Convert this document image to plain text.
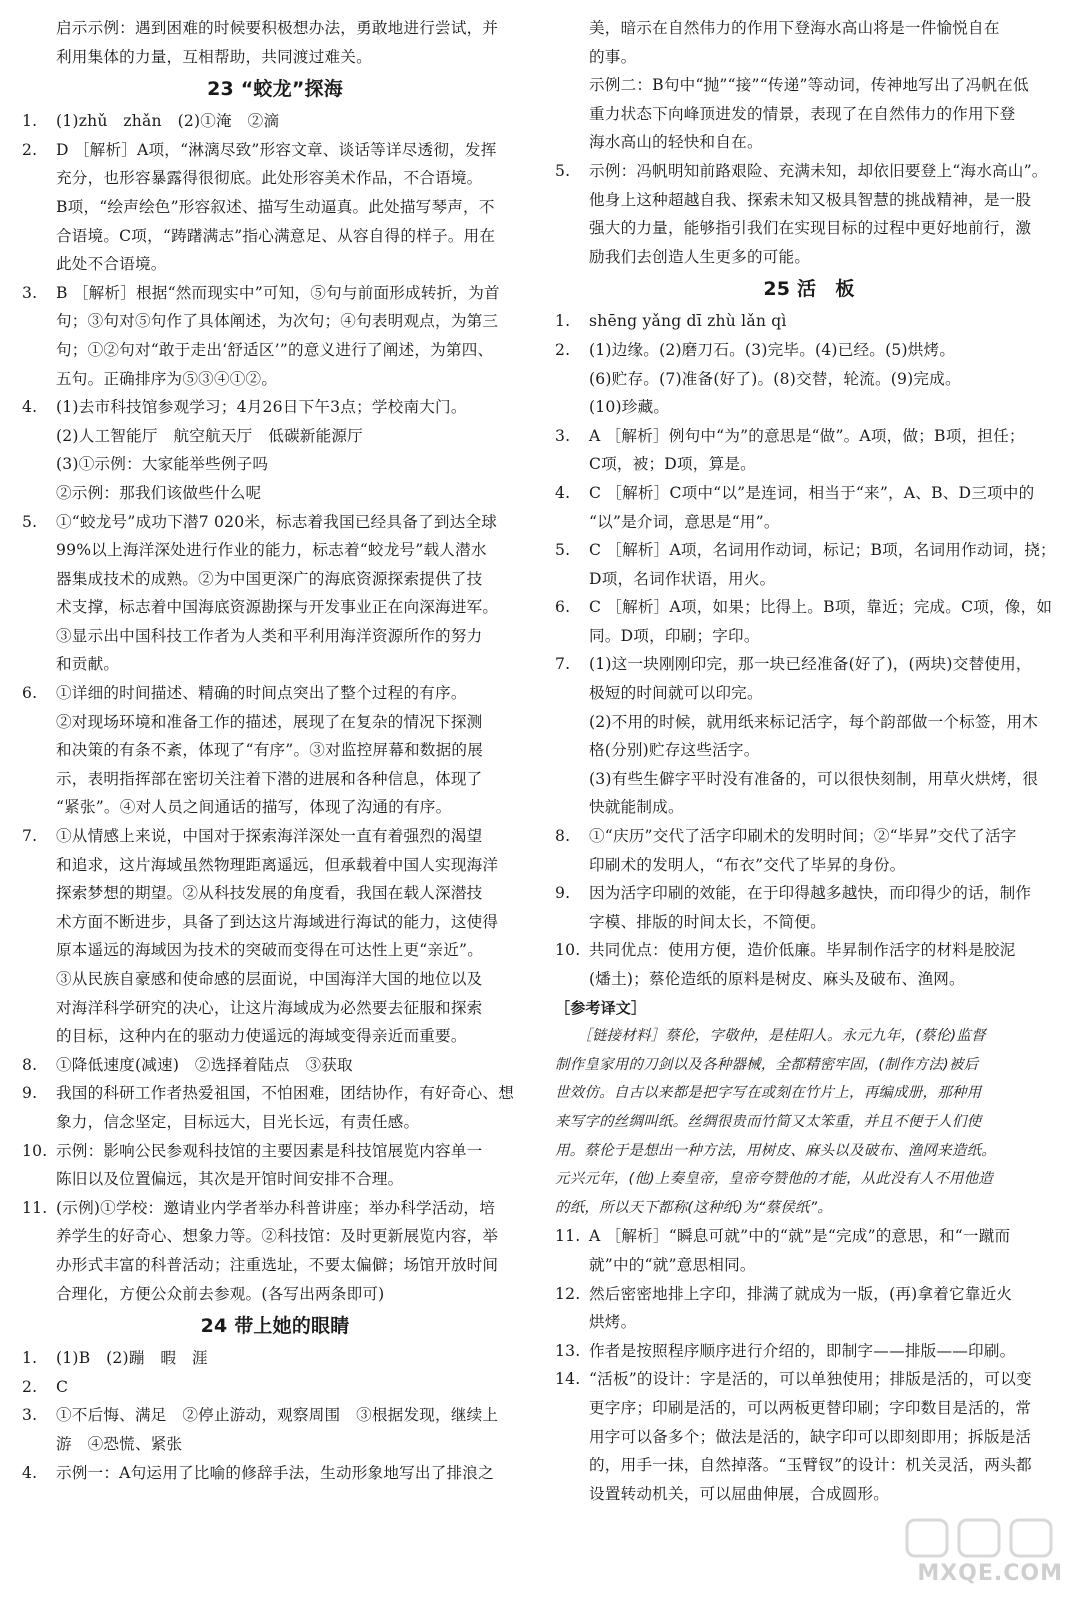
启示示例：遇到困难的时候要积极想办法，勇敢地进行尝试，并
利用集体的力量，互相帮助，共同渡过难关。
23 “蛟龙”探海
1.	(1)zhǔ　zhǎn　(2)①淹　②滴
2.	D ［解析］A项，“淋漓尽致”形容文章、谈话等详尽透彻，发挥
充分，也形容暴露得很彻底。此处形容美术作品，不合语境。
B项，“绘声绘色”形容叙述、描写生动逼真。此处描写琴声，不
合语境。C项，“踌躇满志”指心满意足、从容自得的样子。用在
此处不合语境。
3.	B ［解析］根据“然而现实中”可知，⑤句与前面形成转折，为首
句；③句对⑤句作了具体阐述，为次句；④句表明观点，为第三
句；①②句对“敢于走出‘舒适区’”的意义进行了阐述，为第四、
五句。正确排序为⑤③④①②。
4.	(1)去市科技馆参观学习；4月26日下午3点；学校南大门。
(2)人工智能厅　航空航天厅　低碳新能源厅
(3)①示例：大家能举些例子吗
②示例：那我们该做些什么呢
5.	①“蛟龙号”成功下潜7 020米，标志着我国已经具备了到达全球
99%以上海洋深处进行作业的能力，标志着“蛟龙号”载人潜水
器集成技术的成熟。②为中国更深广的海底资源探索提供了技
术支撑，标志着中国海底资源勘探与开发事业正在向深海进军。
③显示出中国科技工作者为人类和平利用海洋资源所作的努力
和贡献。
6.	①详细的时间描述、精确的时间点突出了整个过程的有序。
②对现场环境和准备工作的描述，展现了在复杂的情况下探测
和决策的有条不紊，体现了“有序”。③对监控屏幕和数据的展
示，表明指挥部在密切关注着下潜的进展和各种信息，体现了
“紧张”。④对人员之间通话的描写，体现了沟通的有序。
7.	①从情感上来说，中国对于探索海洋深处一直有着强烈的渴望
和追求，这片海域虽然物理距离遥远，但承载着中国人实现海洋
探索梦想的期望。②从科技发展的角度看，我国在载人深潜技
术方面不断进步，具备了到达这片海域进行海试的能力，这使得
原本遥远的海域因为技术的突破而变得在可达性上更“亲近”。
③从民族自豪感和使命感的层面说，中国海洋大国的地位以及
对海洋科学研究的决心，让这片海域成为必然要去征服和探索
的目标，这种内在的驱动力使遥远的海域变得亲近而重要。
8.	①降低速度(减速)　②选择着陆点　③获取
9.	我国的科研工作者热爱祖国，不怕困难，团结协作，有好奇心、想
象力，信念坚定，目标远大，目光长远，有责任感。
10. 示例：影响公民参观科技馆的主要因素是科技馆展览内容单一
陈旧以及位置偏远，其次是开馆时间安排不合理。
11. (示例)①学校：邀请业内学者举办科普讲座；举办科学活动，培
养学生的好奇心、想象力等。②科技馆：及时更新展览内容，举
办形式丰富的科普活动；注重选址，不要太偏僻；场馆开放时间
合理化，方便公众前去参观。(各写出两条即可)
24 带上她的眼睛
1.	(1)B　(2)蹦　暇　涯
2.	C
3.	①不后悔、满足　②停止游动，观察周围　③根据发现，继续上
游　④恐慌、紧张
4.	示例一：A句运用了比喻的修辞手法，生动形象地写出了排浪之
美，暗示在自然伟力的作用下登海水高山将是一件愉悦自在
的事。
示例二：B句中“抛”“接”“传递”等动词，传神地写出了冯帆在低
重力状态下向峰顶进发的情景，表现了在自然伟力的作用下登
海水高山的轻快和自在。
5.	示例：冯帆明知前路艰险、充满未知，却依旧要登上“海水高山”。
他身上这种超越自我、探索未知又极具智慧的挑战精神，是一股
强大的力量，能够指引我们在实现目标的过程中更好地前行，激
励我们去创造人生更多的可能。
25 活　板
1.	shēng yǎng dī zhù lǎn qì
2.	(1)边缘。(2)磨刀石。(3)完毕。(4)已经。(5)烘烤。
(6)贮存。(7)准备(好了)。(8)交替，轮流。(9)完成。
(10)珍藏。
3.	A ［解析］例句中“为”的意思是“做”。A项，做；B项，担任；
C项，被；D项，算是。
4.	C ［解析］C项中“以”是连词，相当于“来”，A、B、D三项中的
“以”是介词，意思是“用”。
5.	C ［解析］A项，名词用作动词，标记；B项，名词用作动词，挠；
D项，名词作状语，用火。
6.	C ［解析］A项，如果；比得上。B项，靠近；完成。C项，像，如
同。D项，印刷；字印。
7.	(1)这一块刚刚印完，那一块已经准备(好了)，(两块)交替使用，
极短的时间就可以印完。
(2)不用的时候，就用纸来标记活字，每个韵部做一个标签，用木
格(分别)贮存这些活字。
(3)有些生僻字平时没有准备的，可以很快刻制，用草火烘烤，很
快就能制成。
8.	①“庆历”交代了活字印刷术的发明时间；②“毕昇”交代了活字
印刷术的发明人，“布衣”交代了毕昇的身份。
9.	因为活字印刷的效能，在于印得越多越快，而印得少的话，制作
字模、排版的时间太长，不简便。
10. 共同优点：使用方便，造价低廉。毕昇制作活字的材料是胶泥
(燔土)；蔡伦造纸的原料是树皮、麻头及破布、渔网。
［参考译文］
　　［链接材料］蔡伦，字敬仲，是桂阳人。永元九年，(蔡伦)监督
制作皇家用的刀剑以及各种器械，全都精密牢固，(制作方法)被后
世效仿。自古以来都是把字写在或刻在竹片上，再编成册，那种用
来写字的丝绸叫纸。丝绸很贵而竹简又太笨重，并且不便于人们使
用。蔡伦于是想出一种方法，用树皮、麻头以及破布、渔网来造纸。
元兴元年，(他)上奏皇帝，皇帝夸赞他的才能，从此没有人不用他造
的纸，所以天下都称(这种纸)为“蔡侯纸”。
11. A ［解析］“瞬息可就”中的“就”是“完成”的意思，和“一蹴而
就”中的“就”意思相同。
12. 然后密密地排上字印，排满了就成为一版，(再)拿着它靠近火
烘烤。
13. 作者是按照程序顺序进行介绍的，即制字——排版——印刷。
14. “活板”的设计：字是活的，可以单独使用；排版是活的，可以变
更字序；印刷是活的，可以两板更替印刷；字印数目是活的，常
用字可以备多个；做法是活的，缺字印可以即刻即用；拆版是活
的，用手一抹，自然掉落。“玉臂钗”的设计：机关灵活，两头都
设置转动机关，可以屈曲伸展，合成圆形。
MXQE.COM
